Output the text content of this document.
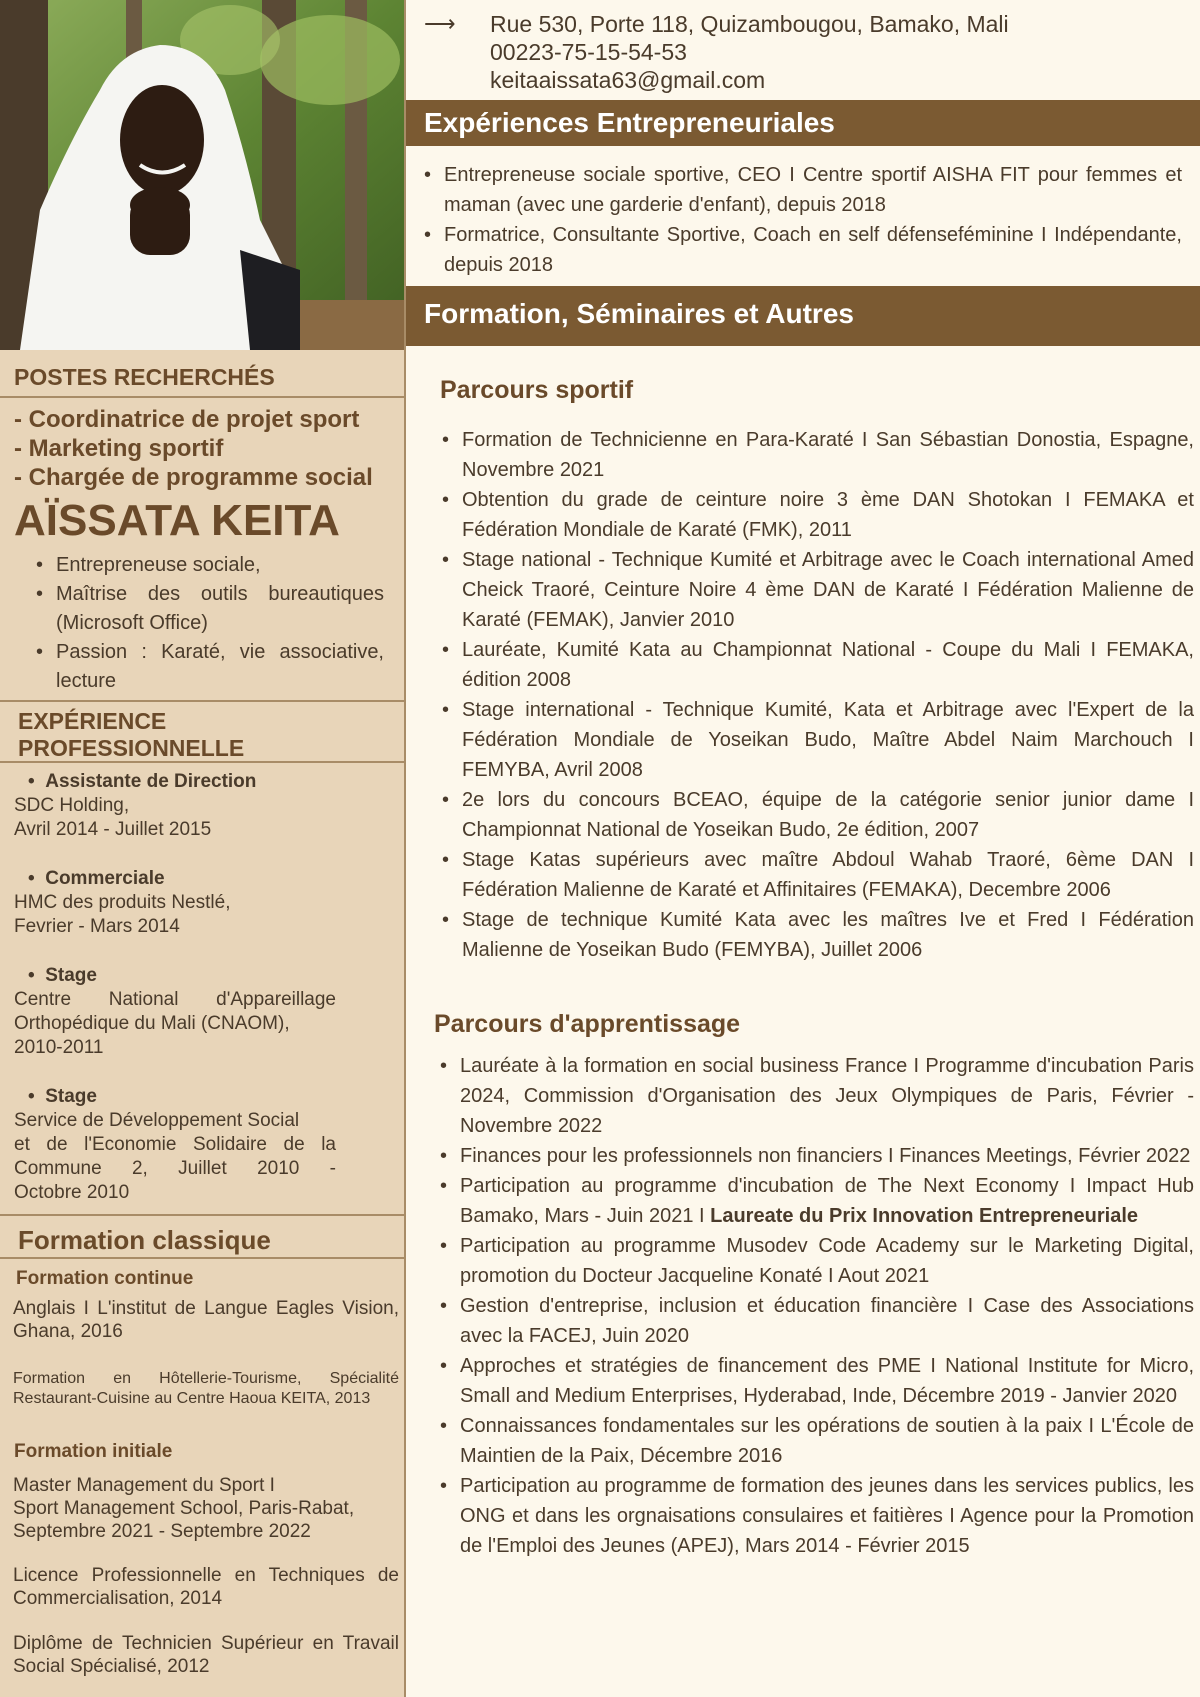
POSTES RECHERCHÉS
- Coordinatrice de projet sport
- Marketing sportif
- Chargée de programme social
AÏSSATA KEITA
• Entrepreneuse sociale,
• Maîtrise des outils bureautiques (Microsoft Office)
• Passion : Karaté, vie associative, lecture
EXPÉRIENCE
PROFESSIONNELLE
•  Assistante de Direction
SDC Holding,
Avril 2014 - Juillet 2015
•  Commerciale
HMC des produits Nestlé,
Fevrier - Mars 2014
•  Stage
Centre National d'Appareillage
Orthopédique du Mali (CNAOM),
2010-2011
•  Stage
Service de Développement Social
et de l'Economie Solidaire de la
Commune 2, Juillet 2010 -
Octobre 2010
Formation classique
Formation continue
Anglais I L'institut de Langue Eagles Vision, Ghana, 2016
Formation en Hôtellerie-Tourisme, Spécialité Restaurant-Cuisine au Centre Haoua KEITA, 2013
Formation initiale
Master Management du Sport I
Sport Management School, Paris-Rabat,
Septembre 2021 - Septembre 2022
Licence Professionnelle en Techniques de Commercialisation, 2014
Diplôme de Technicien Supérieur en Travail Social Spécialisé, 2012
⟶ Rue 530, Porte 118, Quizambougou, Bamako, Mali
00223-75-15-54-53
keitaaissata63@gmail.com
Expériences Entrepreneuriales
• Entrepreneuse sociale sportive, CEO I Centre sportif AISHA FIT pour femmes et maman (avec une garderie d'enfant), depuis 2018
• Formatrice, Consultante Sportive, Coach en self défenseféminine I Indépendante, depuis 2018
Formation, Séminaires et Autres
Parcours sportif
• Formation de Technicienne en Para-Karaté I San Sébastian Donostia, Espagne, Novembre 2021
• Obtention du grade de ceinture noire 3 ème DAN Shotokan I FEMAKA et Fédération Mondiale de Karaté (FMK), 2011
• Stage national - Technique Kumité et Arbitrage avec le Coach international Amed Cheick Traoré, Ceinture Noire 4 ème DAN de Karaté I Fédération Malienne de Karaté (FEMAK), Janvier 2010
• Lauréate, Kumité Kata au Championnat National - Coupe du Mali I FEMAKA, édition 2008
• Stage international - Technique Kumité, Kata et Arbitrage avec l'Expert de la Fédération Mondiale de Yoseikan Budo, Maître Abdel Naim Marchouch I FEMYBA, Avril 2008
• 2e lors du concours BCEAO, équipe de la catégorie senior junior dame I Championnat National de Yoseikan Budo, 2e édition, 2007
• Stage Katas supérieurs avec maître Abdoul Wahab Traoré, 6ème DAN I Fédération Malienne de Karaté et Affinitaires (FEMAKA), Decembre 2006
• Stage de technique Kumité Kata avec les maîtres Ive et Fred I Fédération Malienne de Yoseikan Budo (FEMYBA), Juillet 2006
Parcours d'apprentissage
• Lauréate à la formation en social business France I Programme d'incubation Paris 2024, Commission d'Organisation des Jeux Olympiques de Paris, Février - Novembre 2022
• Finances pour les professionnels non financiers I Finances Meetings, Février 2022
• Participation au programme d'incubation de The Next Economy I Impact Hub Bamako, Mars - Juin 2021 I Laureate du Prix Innovation Entrepreneuriale
• Participation au programme Musodev Code Academy sur le Marketing Digital, promotion du Docteur Jacqueline Konaté I Aout 2021
• Gestion d'entreprise, inclusion et éducation financière I Case des Associations avec la FACEJ, Juin 2020
• Approches et stratégies de financement des PME I National Institute for Micro, Small and Medium Enterprises, Hyderabad, Inde, Décembre 2019 - Janvier 2020
• Connaissances fondamentales sur les opérations de soutien à la paix I L'École de Maintien de la Paix, Décembre 2016
• Participation au programme de formation des jeunes dans les services publics, les ONG et dans les orgnaisations consulaires et faitières I Agence pour la Promotion de l'Emploi des Jeunes (APEJ), Mars 2014 - Février 2015
